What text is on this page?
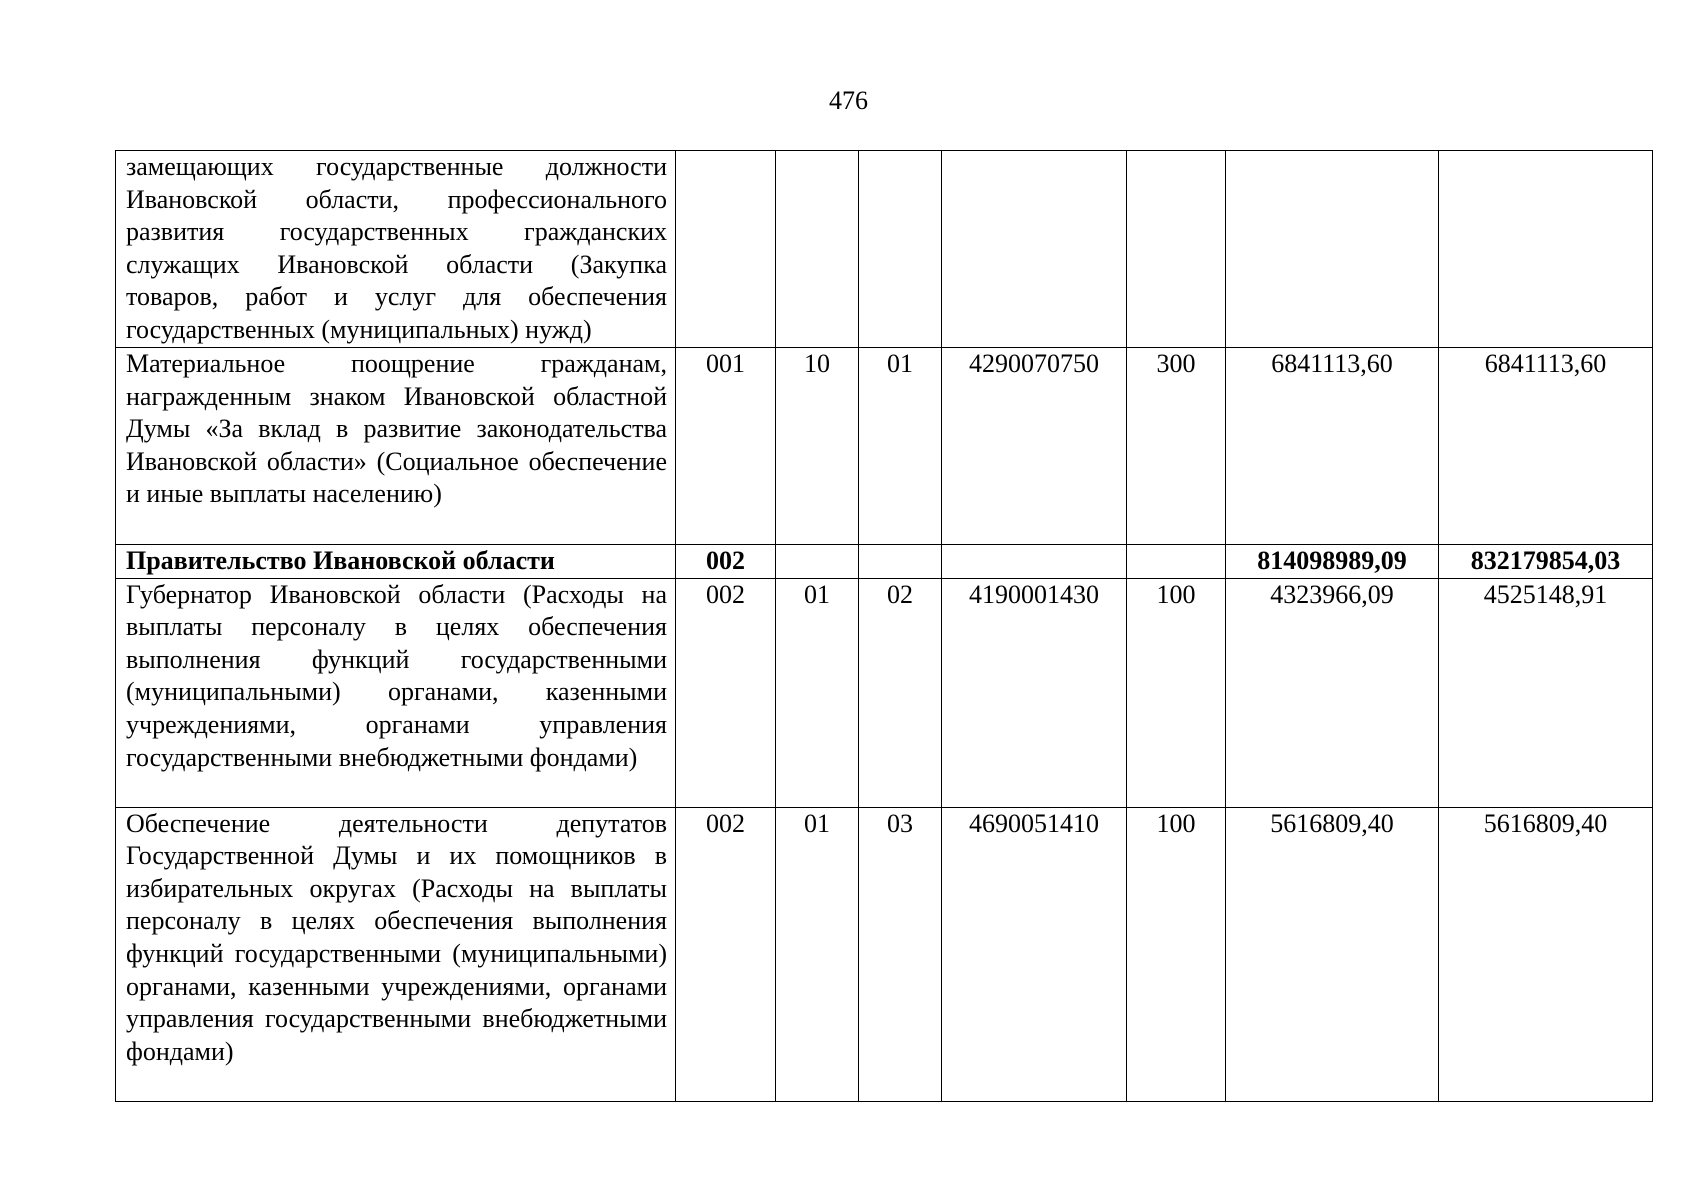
476
замещающих государственные должности Ивановской области, профессионального развития государственных гражданских служащих Ивановской области (Закупка товаров, работ и услуг для обеспечения государственных (муниципальных) нужд)							
Материальное поощрение гражданам, награжденным знаком Ивановской областной Думы «За вклад в развитие законодательства Ивановской области» (Социальное обеспечение и иные выплаты населению)	001	10	01	4290070750	300	6841113,60	6841113,60
Правительство Ивановской области	002					814098989,09	832179854,03
Губернатор Ивановской области (Расходы на выплаты персоналу в целях обеспечения выполнения функций государственными (муниципальными) органами, казенными учреждениями, органами управления государственными внебюджетными фондами)	002	01	02	4190001430	100	4323966,09	4525148,91
Обеспечение деятельности депутатов Государственной Думы и их помощников в избирательных округах (Расходы на выплаты персоналу в целях обеспечения выполнения функций государственными (муниципальными) органами, казенными учреждениями, органами управления государственными внебюджетными фондами)	002	01	03	4690051410	100	5616809,40	5616809,40
